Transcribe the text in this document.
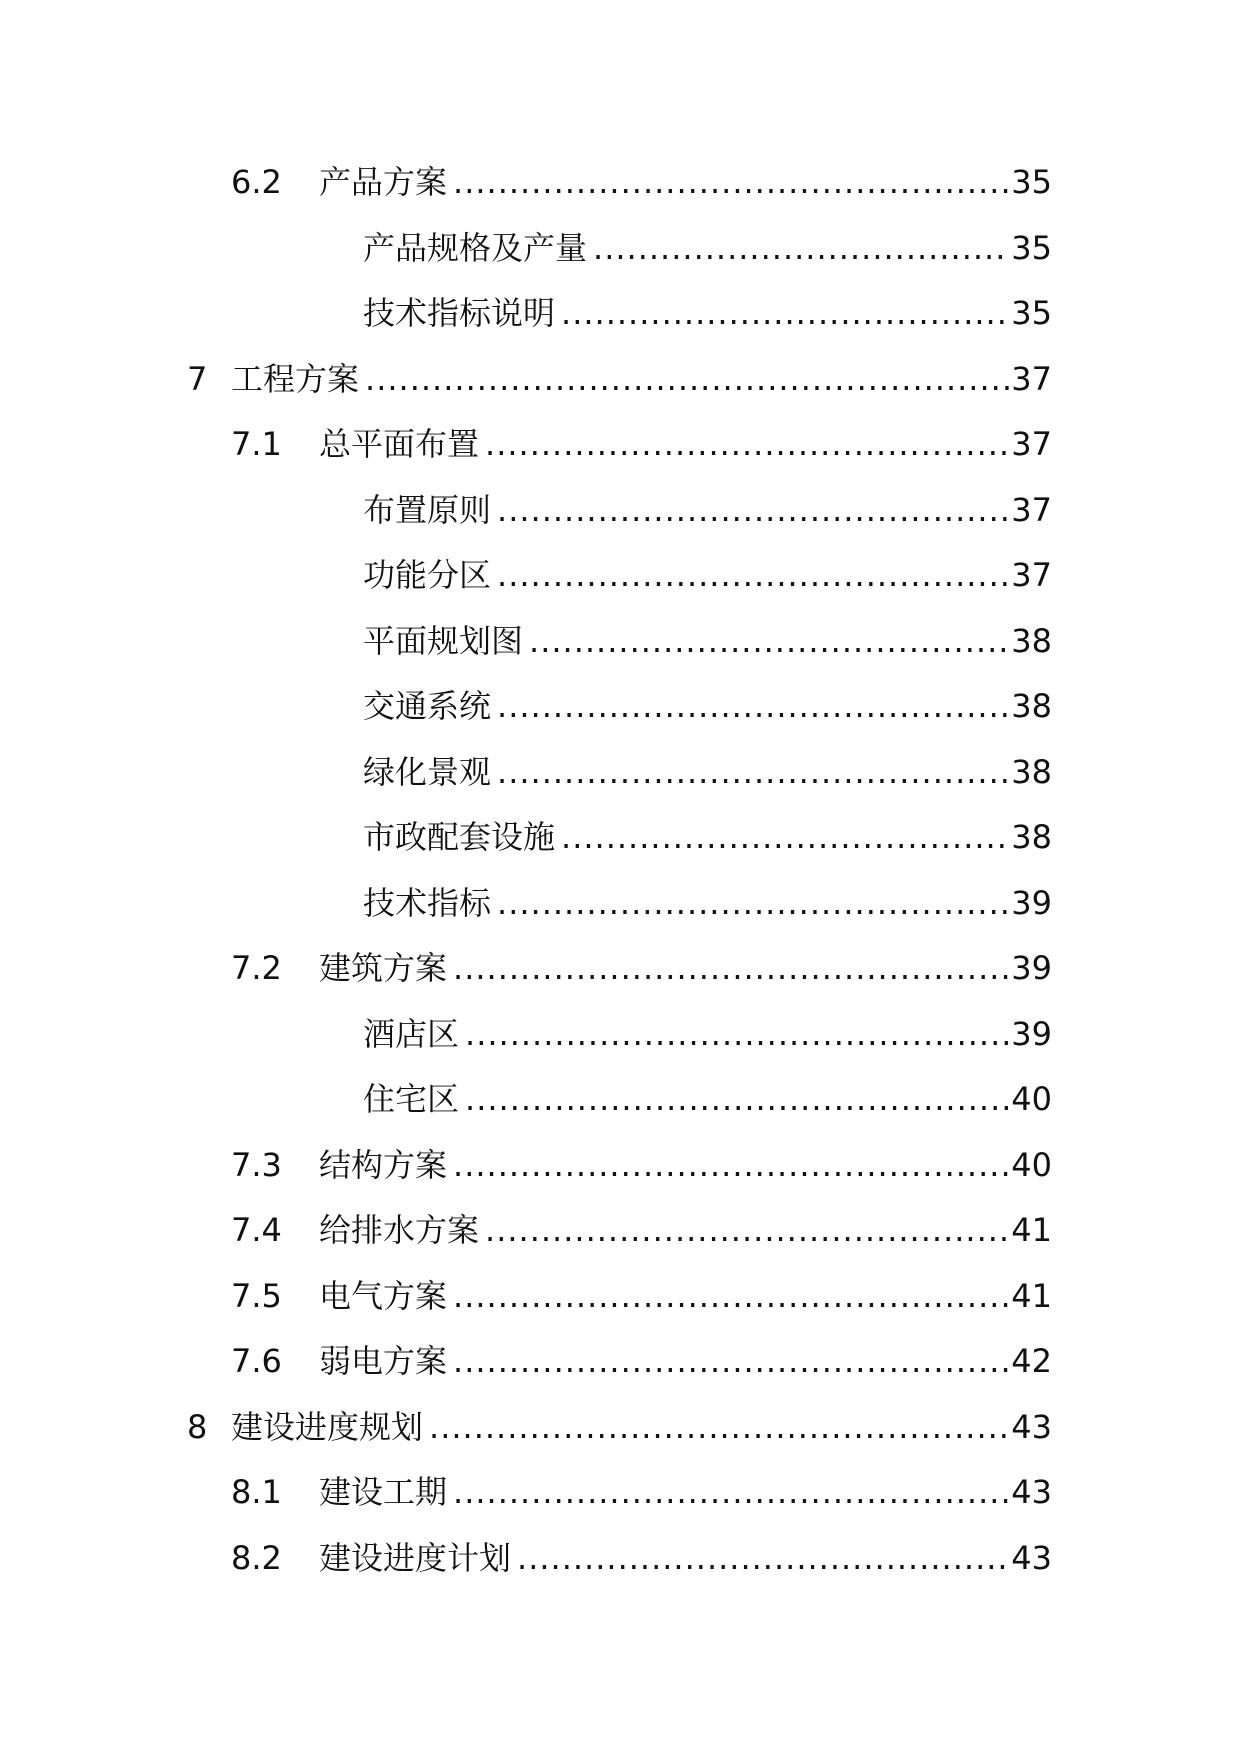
6.2 产品方案 .....	35
产品规格及产量 .....	35
技术指标说明 .....	35
7 工程方案 .....	37
7.1 总平面布置 .....	37
布置原则 .....	37
功能分区 .....	37
平面规划图 .....	38
交通系统 .....	38
绿化景观 .....	38
市政配套设施 .....	38
技术指标 .....	39
7.2 建筑方案 .....	39
酒店区 .....	39
住宅区 .....	40
7.3 结构方案 .....	40
7.4 给排水方案 .....	41
7.5 电气方案 .....	41
7.6 弱电方案 .....	42
8 建设进度规划 .....	43
8.1 建设工期 .....	43
8.2 建设进度计划 .....	43
